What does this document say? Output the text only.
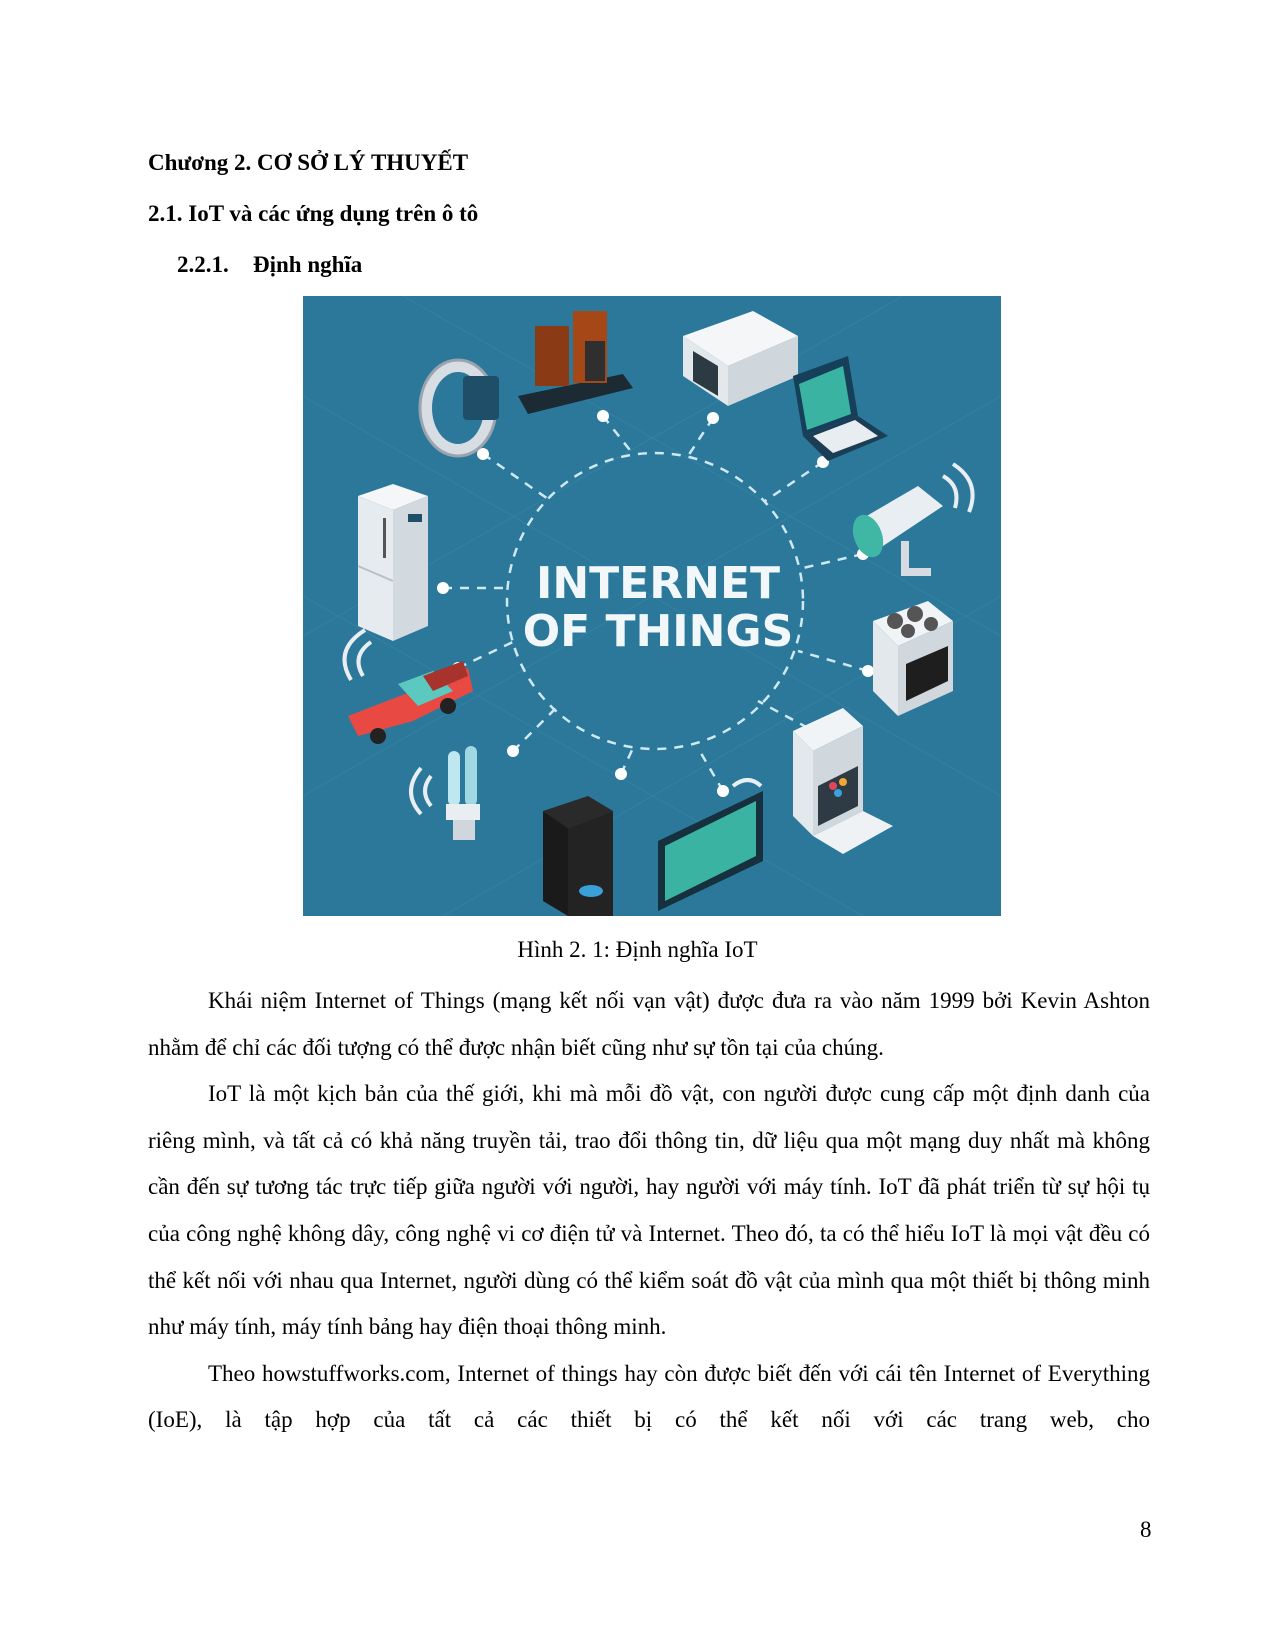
Chương 2. CƠ SỞ LÝ THUYẾT
2.1. IoT và các ứng dụng trên ô tô
2.2.1. Định nghĩa
INTERNET
OF THINGS
Hình 2. 1: Định nghĩa IoT

Khái niệm Internet of Things (mạng kết nối vạn vật) được đưa ra vào năm 1999 bởi Kevin Ashton nhằm để chỉ các đối tượng có thể được nhận biết cũng như sự tồn tại của chúng.

IoT là một kịch bản của thế giới, khi mà mỗi đồ vật, con người được cung cấp một định danh của riêng mình, và tất cả có khả năng truyền tải, trao đổi thông tin, dữ liệu qua một mạng duy nhất mà không cần đến sự tương tác trực tiếp giữa người với người, hay người với máy tính. IoT đã phát triển từ sự hội tụ của công nghệ không dây, công nghệ vi cơ điện tử và Internet. Theo đó, ta có thể hiểu IoT là mọi vật đều có thể kết nối với nhau qua Internet, người dùng có thể kiểm soát đồ vật của mình qua một thiết bị thông minh như máy tính, máy tính bảng hay điện thoại thông minh.

Theo howstuffworks.com, Internet of things hay còn được biết đến với cái tên Internet of Everything (IoE), là tập hợp của tất cả các thiết bị có thể kết nối với các trang web, cho

8
